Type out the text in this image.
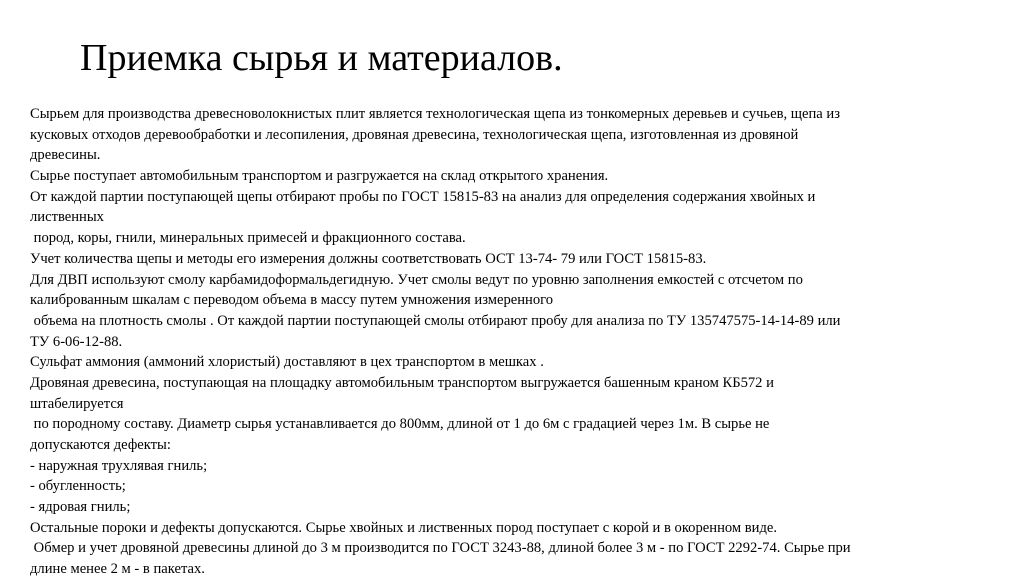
Приемка сырья и материалов.
Сырьем для производства древесноволокнистых плит является технологическая щепа из тонкомерных деревьев и сучьев, щепа из
кусковых отходов деревообработки и лесопиления, дровяная древесина, технологическая щепа, изготовленная из дровяной
древесины.
Сырье поступает автомобильным транспортом и разгружается на склад открытого хранения.
От каждой партии поступающей щепы отбирают пробы по ГОСТ 15815-83 на анализ для определения содержания хвойных и
лиственных
пород, коры, гнили, минеральных примесей и фракционного состава.
Учет количества щепы и методы его измерения должны соответствовать ОСТ 13-74- 79 или ГОСТ 15815-83.
Для ДВП используют смолу карбамидоформальдегидную. Учет смолы ведут по уровню заполнения емкостей с отсчетом по
калиброванным шкалам с переводом объема в массу путем умножения измеренного
объема на плотность смолы . От каждой партии поступающей смолы отбирают пробу для анализа по ТУ 135747575-14-14-89 или
ТУ 6-06-12-88.
Сульфат аммония (аммоний хлористый) доставляют в цех транспортом в мешках .
Дровяная древесина, поступающая на площадку автомобильным транспортом выгружается башенным краном КБ572 и
штабелируется
по породному составу. Диаметр сырья устанавливается до 800мм, длиной от 1 до 6м с градацией через 1м. В сырье не
допускаются дефекты:
- наружная трухлявая гниль;
- обугленность;
- ядровая гниль;
Остальные пороки и дефекты допускаются. Сырье хвойных и лиственных пород поступает с корой и в окоренном виде.
Обмер и учет дровяной древесины длиной до 3 м производится по ГОСТ 3243-88, длиной более 3 м - по ГОСТ 2292-74. Сырье при
длине менее 2 м - в пакетах.
